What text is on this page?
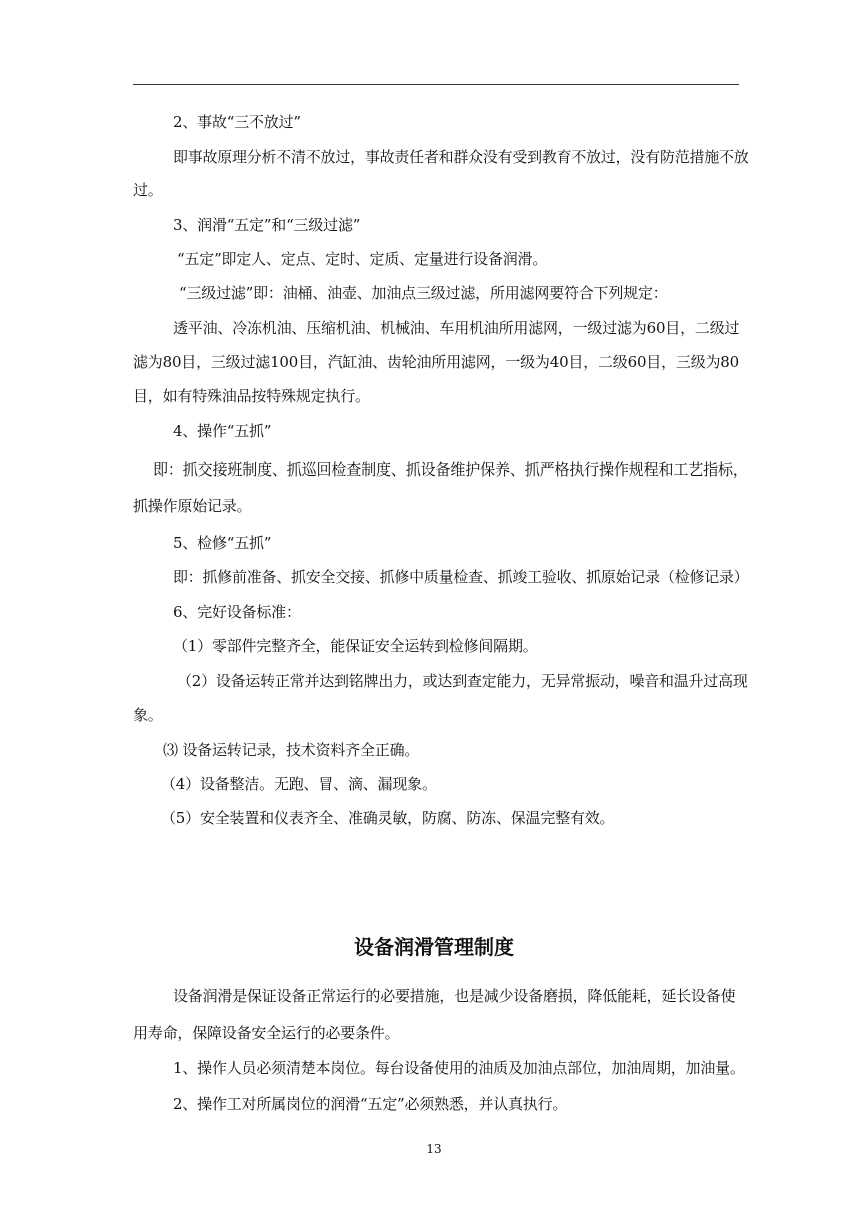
2、事故“三不放过”
即事故原理分析不清不放过，事故责任者和群众没有受到教育不放过，没有防范措施不放
过。
3、润滑“五定”和“三级过滤”
“五定”即定人、定点、定时、定质、定量进行设备润滑。
“三级过滤”即：油桶、油壶、加油点三级过滤，所用滤网要符合下列规定：
透平油、冷冻机油、压缩机油、机械油、车用机油所用滤网，一级过滤为60目，二级过
滤为80目，三级过滤100目，汽缸油、齿轮油所用滤网，一级为40目，二级60目，三级为80
目，如有特殊油品按特殊规定执行。
4、操作“五抓”
即：抓交接班制度、抓巡回检查制度、抓设备维护保养、抓严格执行操作规程和工艺指标，
抓操作原始记录。
5、检修“五抓”
即：抓修前准备、抓安全交接、抓修中质量检查、抓竣工验收、抓原始记录（检修记录）
6、完好设备标准：
（1）零部件完整齐全，能保证安全运转到检修间隔期。
（2）设备运转正常并达到铭牌出力，或达到查定能力，无异常振动，噪音和温升过高现
象。
⑶ 设备运转记录，技术资料齐全正确。
（4）设备整洁。无跑、冒、滴、漏现象。
（5）安全装置和仪表齐全、准确灵敏，防腐、防冻、保温完整有效。
设备润滑管理制度
设备润滑是保证设备正常运行的必要措施，也是减少设备磨损，降低能耗，延长设备使
用寿命，保障设备安全运行的必要条件。
1、操作人员必须清楚本岗位。每台设备使用的油质及加油点部位，加油周期，加油量。
2、操作工对所属岗位的润滑“五定”必须熟悉，并认真执行。
13
